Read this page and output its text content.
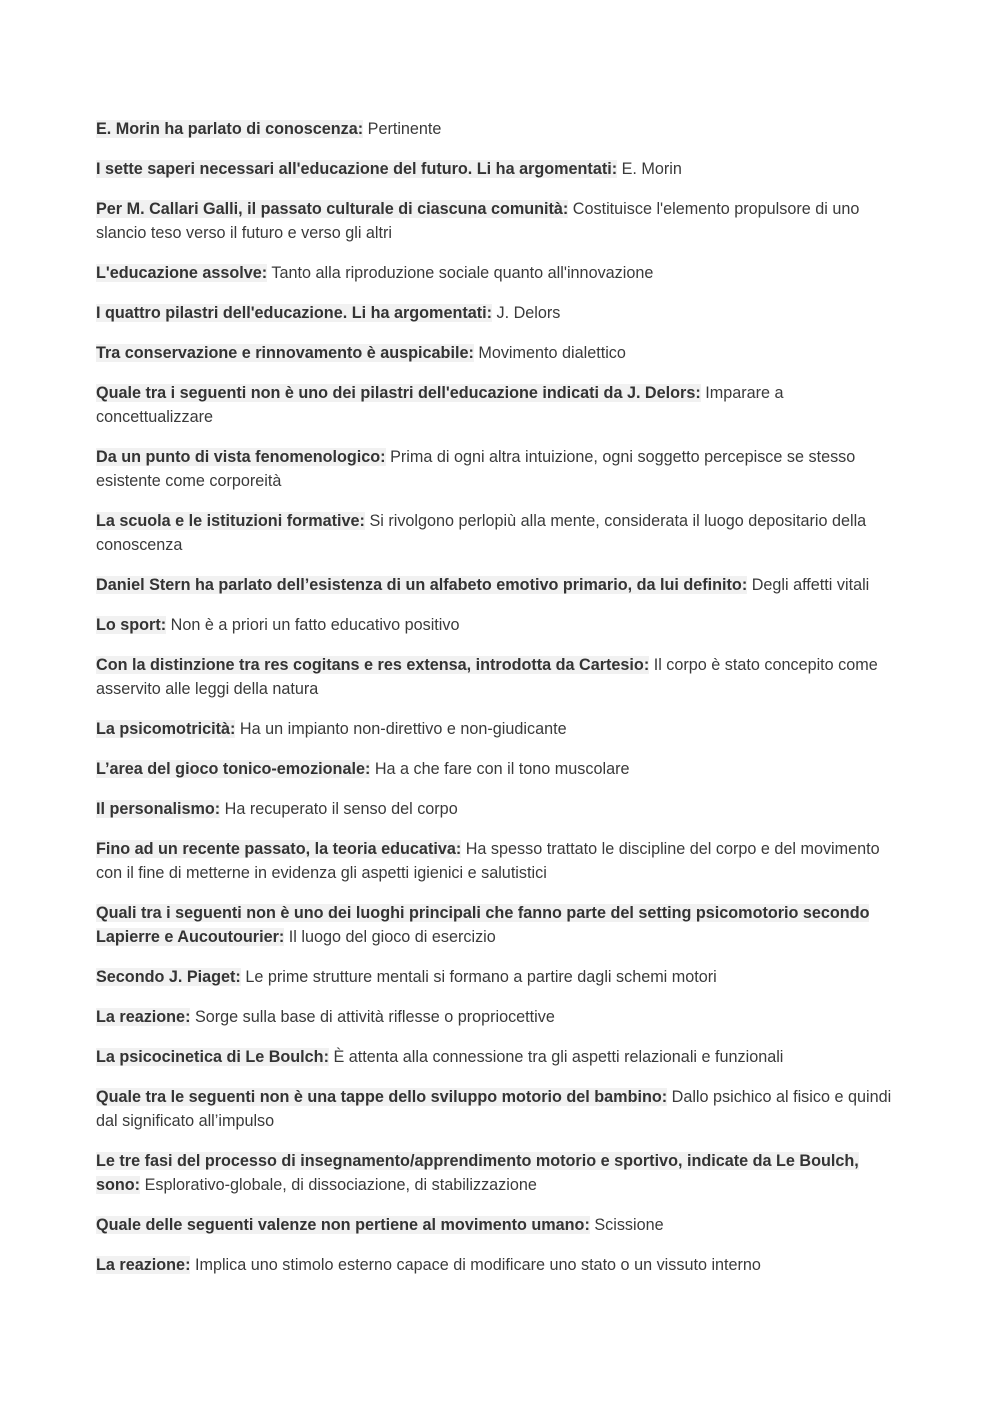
E. Morin ha parlato di conoscenza: Pertinente
I sette saperi necessari all'educazione del futuro. Li ha argomentati: E. Morin
Per M. Callari Galli, il passato culturale di ciascuna comunità: Costituisce l'elemento propulsore di uno slancio teso verso il futuro e verso gli altri
L'educazione assolve: Tanto alla riproduzione sociale quanto all'innovazione
I quattro pilastri dell'educazione. Li ha argomentati: J. Delors
Tra conservazione e rinnovamento è auspicabile: Movimento dialettico
Quale tra i seguenti non è uno dei pilastri dell'educazione indicati da J. Delors: Imparare a concettualizzare
Da un punto di vista fenomenologico: Prima di ogni altra intuizione, ogni soggetto percepisce se stesso esistente come corporeità
La scuola e le istituzioni formative: Si rivolgono perlopiù alla mente, considerata il luogo depositario della conoscenza
Daniel Stern ha parlato dell’esistenza di un alfabeto emotivo primario, da lui definito: Degli affetti vitali
Lo sport: Non è a priori un fatto educativo positivo
Con la distinzione tra res cogitans e res extensa, introdotta da Cartesio: Il corpo è stato concepito come asservito alle leggi della natura
La psicomotricità: Ha un impianto non-direttivo e non-giudicante
L’area del gioco tonico-emozionale: Ha a che fare con il tono muscolare
Il personalismo: Ha recuperato il senso del corpo
Fino ad un recente passato, la teoria educativa: Ha spesso trattato le discipline del corpo e del movimento con il fine di metterne in evidenza gli aspetti igienici e salutistici
Quali tra i seguenti non è uno dei luoghi principali che fanno parte del setting psicomotorio secondo Lapierre e Aucoutourier: Il luogo del gioco di esercizio
Secondo J. Piaget: Le prime strutture mentali si formano a partire dagli schemi motori
La reazione: Sorge sulla base di attività riflesse o propriocettive
La psicocinetica di Le Boulch: È attenta alla connessione tra gli aspetti relazionali e funzionali
Quale tra le seguenti non è una tappe dello sviluppo motorio del bambino: Dallo psichico al fisico e quindi dal significato all’impulso
Le tre fasi del processo di insegnamento/apprendimento motorio e sportivo, indicate da Le Boulch, sono: Esplorativo-globale, di dissociazione, di stabilizzazione
Quale delle seguenti valenze non pertiene al movimento umano: Scissione
La reazione: Implica uno stimolo esterno capace di modificare uno stato o un vissuto interno
